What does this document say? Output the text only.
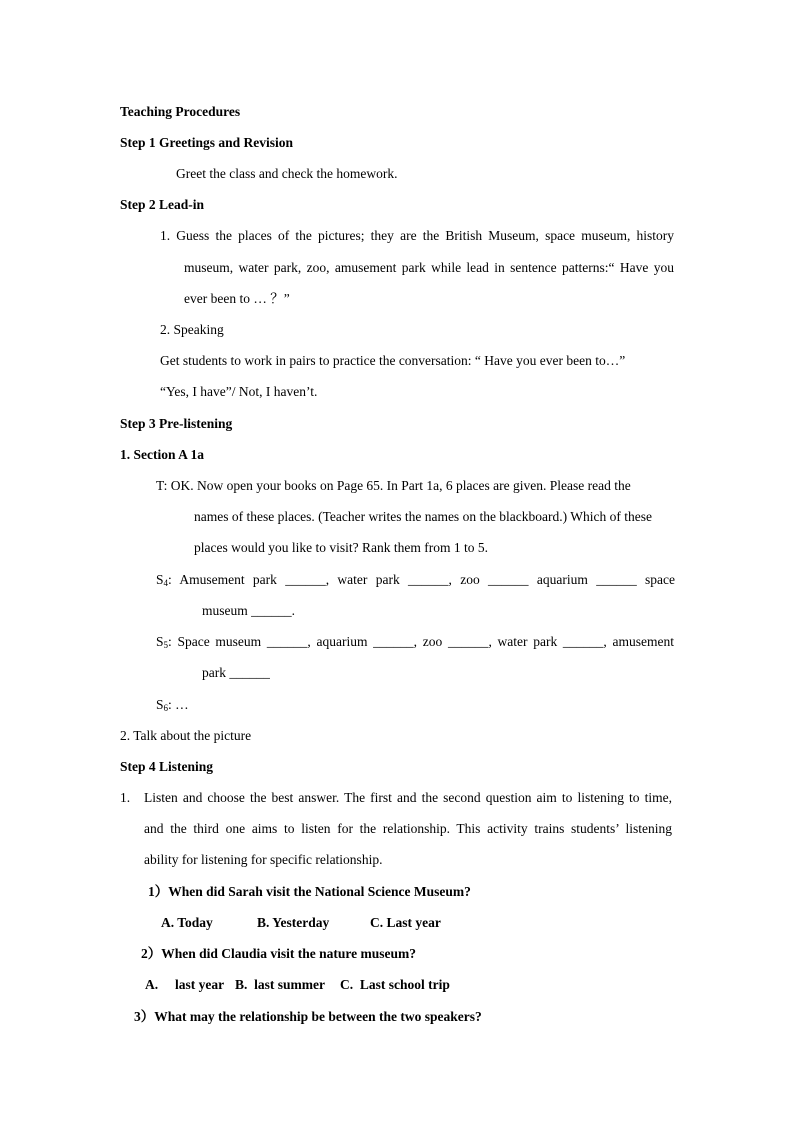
Teaching Procedures
Step 1 Greetings and Revision
Greet the class and check the homework.
Step 2 Lead-in
1. Guess the places of the pictures; they are the British Museum, space museum, history
museum, water park, zoo, amusement park while lead in sentence patterns:“ Have you
ever been to … ？”
2. Speaking
Get students to work in pairs to practice the conversation: “ Have you ever been to…”
“Yes, I have”/ Not, I haven’t.
Step 3 Pre-listening
1. Section A 1a
T: OK. Now open your books on Page 65. In Part 1a, 6 places are given. Please read the
names of these places. (Teacher writes the names on the blackboard.) Which of these
places would you like to visit? Rank them from 1 to 5.
$S_4$: Amusement park ______, water park ______, zoo ______ aquarium ______ space
museum ______.
$S_5$: Space museum ______, aquarium ______, zoo ______, water park ______, amusement
park ______
$S_6$: …
2. Talk about the picture
Step 4 Listening
1. Listen and choose the best answer. The first and the second question aim to listening to time,
and the third one aims to listen for the relationship. This activity trains students’ listening
ability for listening for specific relationship.
1）When did Sarah visit the National Science Museum?
A. Today	B. Yesterday	C. Last year
2）When did Claudia visit the nature museum?
A.     last year B.  last summer C.  Last school trip
3）What may the relationship be between the two speakers?
